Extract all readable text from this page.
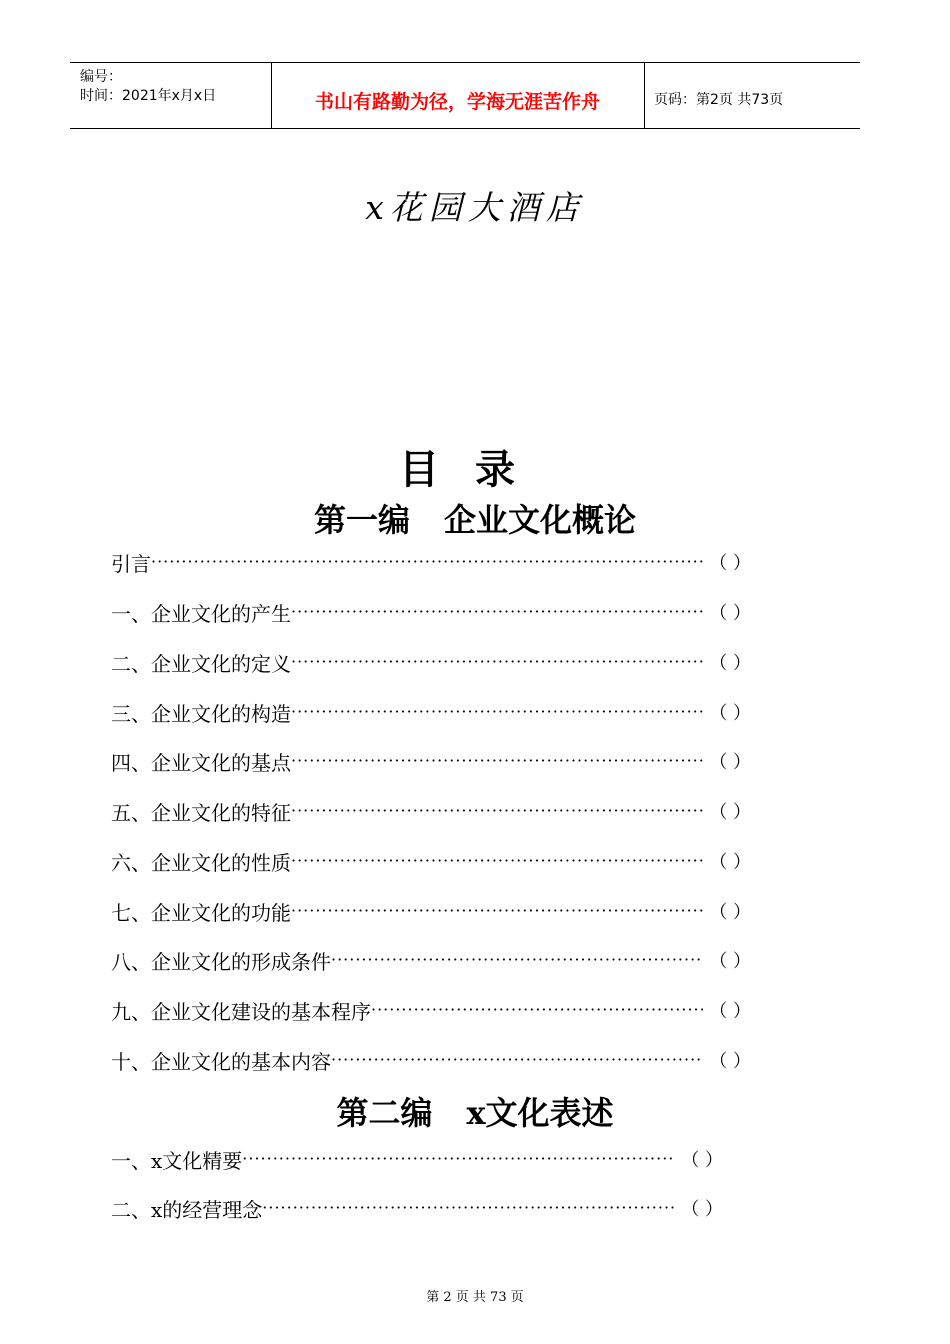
编号：
时间：2021年x月x日	书山有路勤为径，学海无涯苦作舟	页码：第2页 共73页
x花园大酒店
目录
第一编 企业文化概论
引言 ·····	（ ）
一、企业文化的产生 ·····	（ ）
二、企业文化的定义 ·····	（ ）
三、企业文化的构造 ·····	（ ）
四、企业文化的基点 ·····	（ ）
五、企业文化的特征 ·····	（ ）
六、企业文化的性质 ·····	（ ）
七、企业文化的功能 ·····	（ ）
八、企业文化的形成条件 ·····	（ ）
九、企业文化建设的基本程序 ·····	（ ）
十、企业文化的基本内容 ·····	（ ）
第二编 x文化表述
一、x文化精要 ·····	（ ）
二、x的经营理念 ·····	（ ）
第 2 页 共 73 页
